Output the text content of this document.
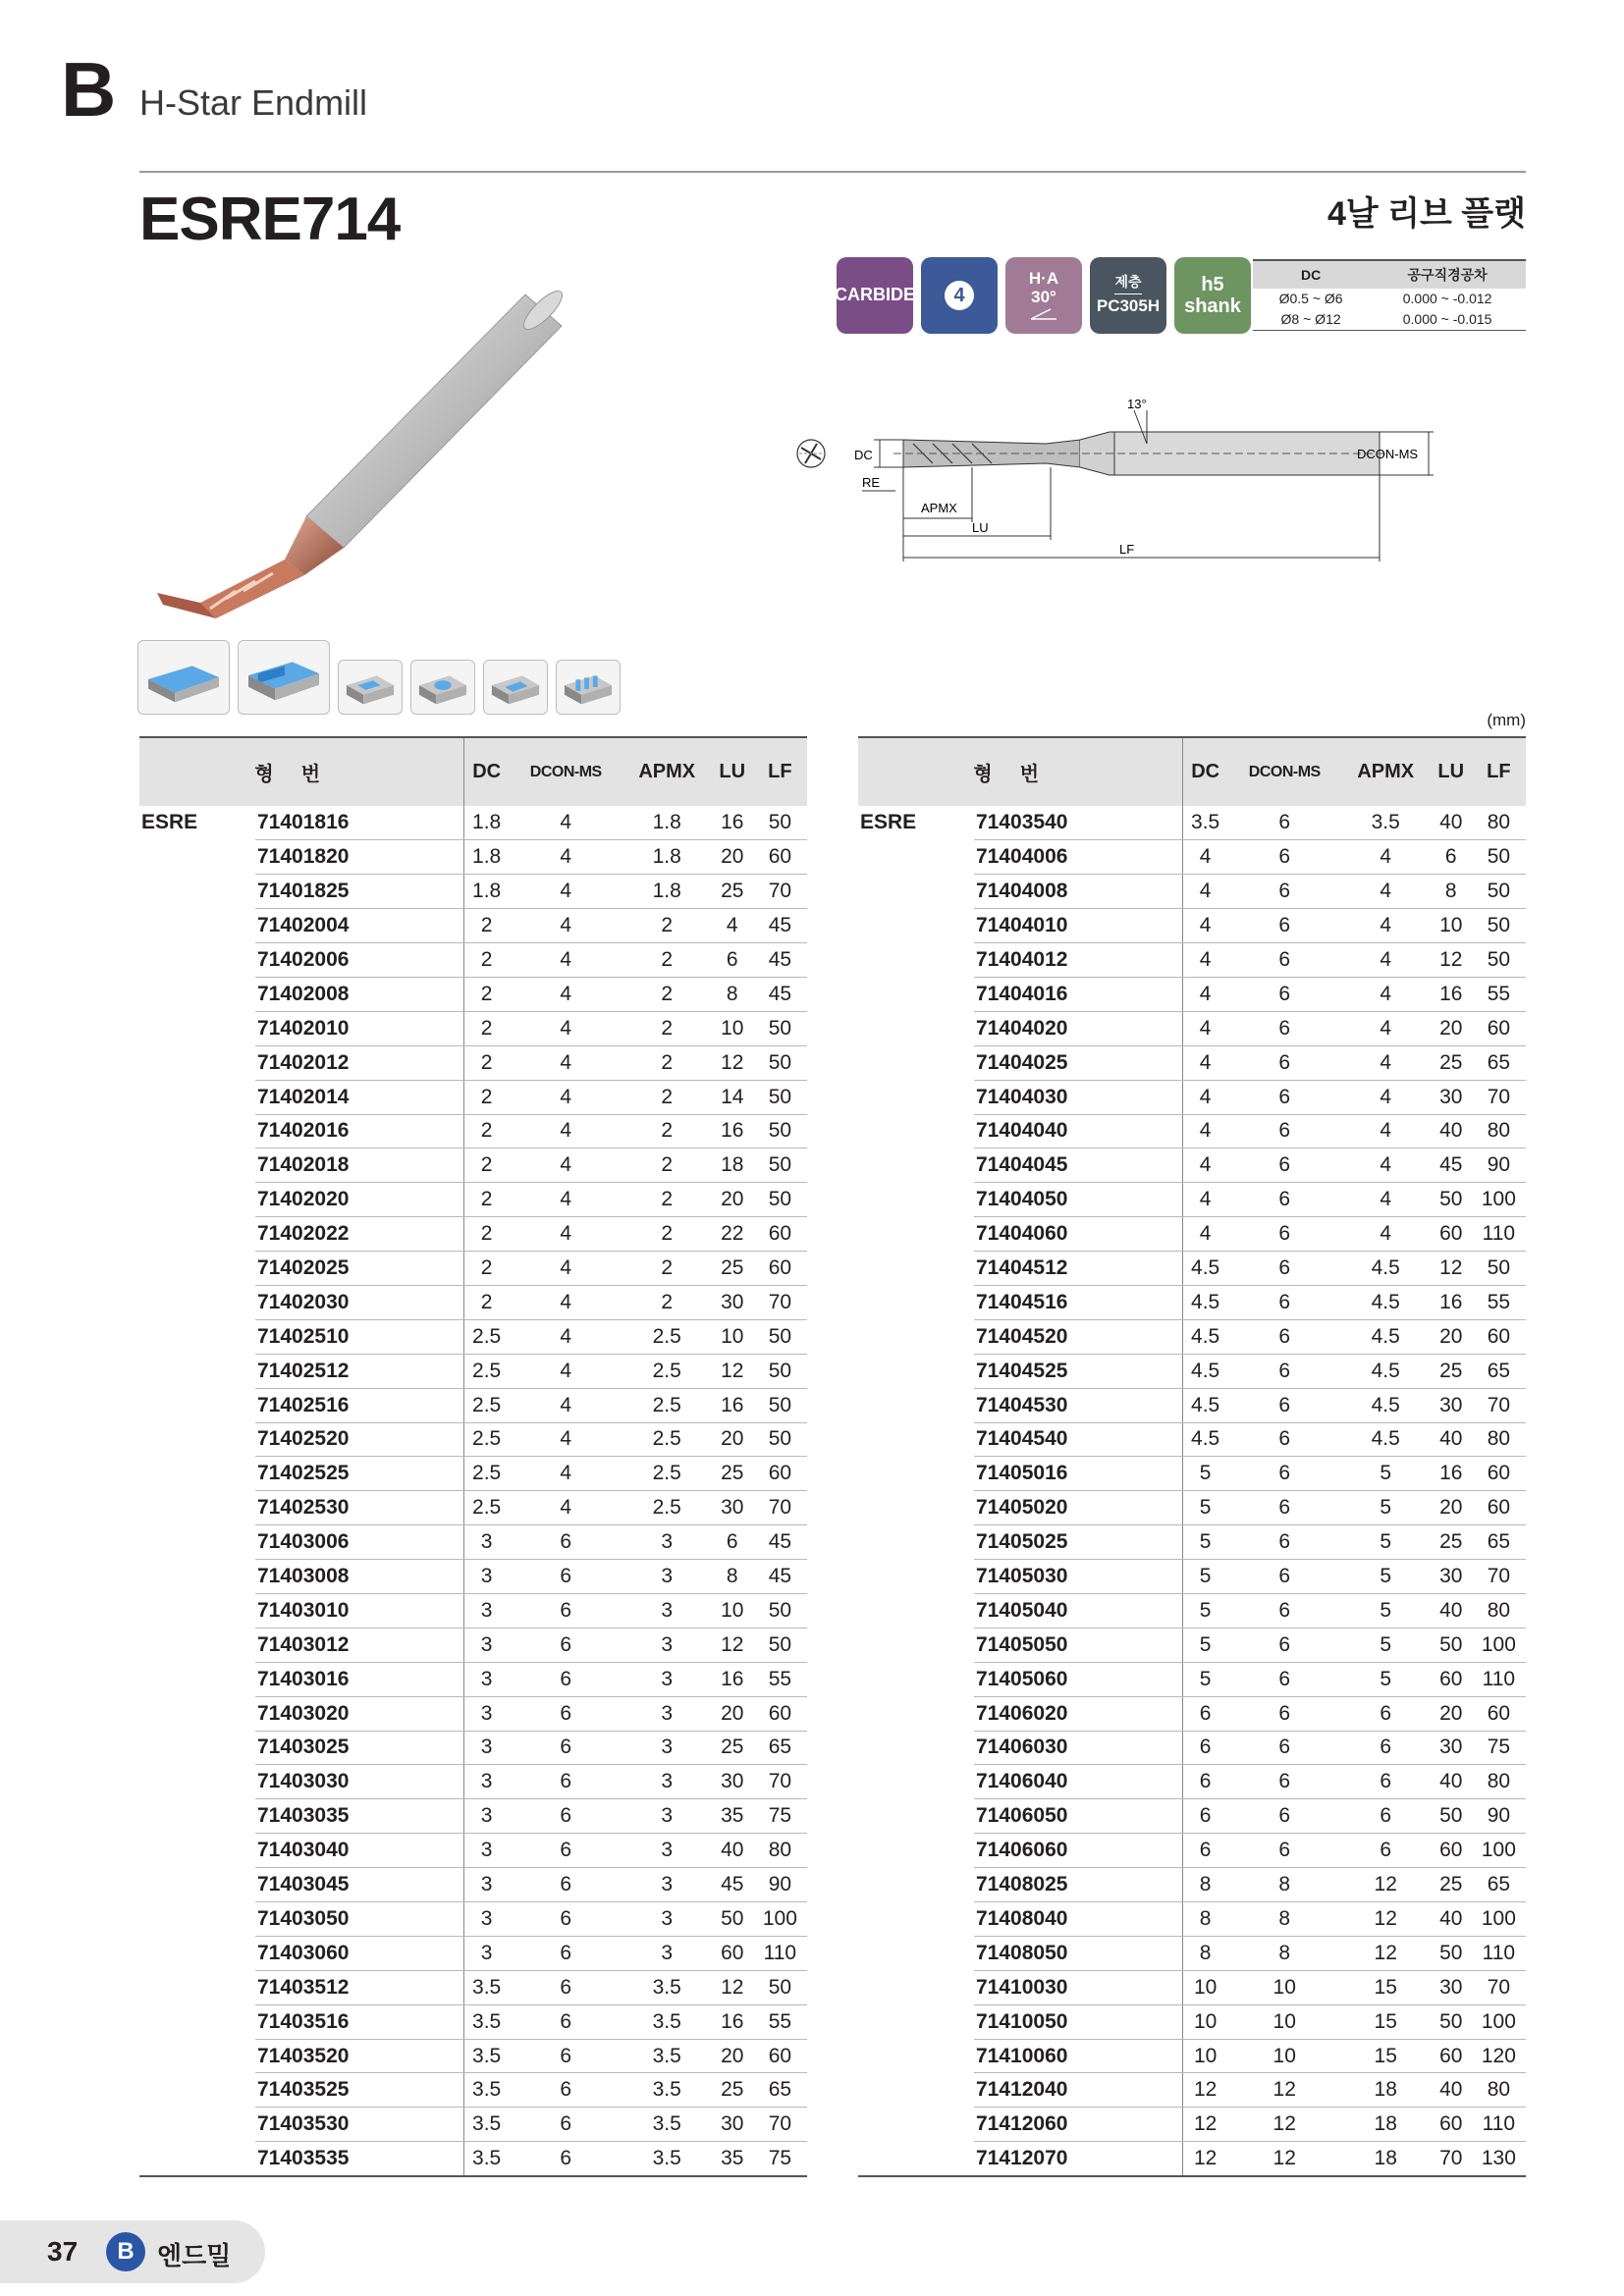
B H-Star Endmill
ESRE714	4날 리브 플랫
CARBIDE	4
H·A
30°
제층
PC305H
h5
shank
DC	공구직경공차
Ø0.5 ~ Ø6	0.000 ~ -0.012
Ø8 ~ Ø12	0.000 ~ -0.015
DCON-MS
13°
DC
RE
APMX
LU
LF
(mm)
형번		DC	DCON-MS	APMX	LU	LF
ESRE	71401816	1.8	4	1.8	16	50
	71401820	1.8	4	1.8	20	60
	71401825	1.8	4	1.8	25	70
	71402004	2	4	2	4	45
	71402006	2	4	2	6	45
	71402008	2	4	2	8	45
	71402010	2	4	2	10	50
	71402012	2	4	2	12	50
	71402014	2	4	2	14	50
	71402016	2	4	2	16	50
	71402018	2	4	2	18	50
	71402020	2	4	2	20	50
	71402022	2	4	2	22	60
	71402025	2	4	2	25	60
	71402030	2	4	2	30	70
	71402510	2.5	4	2.5	10	50
	71402512	2.5	4	2.5	12	50
	71402516	2.5	4	2.5	16	50
	71402520	2.5	4	2.5	20	50
	71402525	2.5	4	2.5	25	60
	71402530	2.5	4	2.5	30	70
	71403006	3	6	3	6	45
	71403008	3	6	3	8	45
	71403010	3	6	3	10	50
	71403012	3	6	3	12	50
	71403016	3	6	3	16	55
	71403020	3	6	3	20	60
	71403025	3	6	3	25	65
	71403030	3	6	3	30	70
	71403035	3	6	3	35	75
	71403040	3	6	3	40	80
	71403045	3	6	3	45	90
	71403050	3	6	3	50	100
	71403060	3	6	3	60	110
	71403512	3.5	6	3.5	12	50
	71403516	3.5	6	3.5	16	55
	71403520	3.5	6	3.5	20	60
	71403525	3.5	6	3.5	25	65
	71403530	3.5	6	3.5	30	70
	71403535	3.5	6	3.5	35	75
형번		DC	DCON-MS	APMX	LU	LF
ESRE	71403540	3.5	6	3.5	40	80
	71404006	4	6	4	6	50
	71404008	4	6	4	8	50
	71404010	4	6	4	10	50
	71404012	4	6	4	12	50
	71404016	4	6	4	16	55
	71404020	4	6	4	20	60
	71404025	4	6	4	25	65
	71404030	4	6	4	30	70
	71404040	4	6	4	40	80
	71404045	4	6	4	45	90
	71404050	4	6	4	50	100
	71404060	4	6	4	60	110
	71404512	4.5	6	4.5	12	50
	71404516	4.5	6	4.5	16	55
	71404520	4.5	6	4.5	20	60
	71404525	4.5	6	4.5	25	65
	71404530	4.5	6	4.5	30	70
	71404540	4.5	6	4.5	40	80
	71405016	5	6	5	16	60
	71405020	5	6	5	20	60
	71405025	5	6	5	25	65
	71405030	5	6	5	30	70
	71405040	5	6	5	40	80
	71405050	5	6	5	50	100
	71405060	5	6	5	60	110
	71406020	6	6	6	20	60
	71406030	6	6	6	30	75
	71406040	6	6	6	40	80
	71406050	6	6	6	50	90
	71406060	6	6	6	60	100
	71408025	8	8	12	25	65
	71408040	8	8	12	40	100
	71408050	8	8	12	50	110
	71410030	10	10	15	30	70
	71410050	10	10	15	50	100
	71410060	10	10	15	60	120
	71412040	12	12	18	40	80
	71412060	12	12	18	60	110
	71412070	12	12	18	70	130
37	B 엔드밀
